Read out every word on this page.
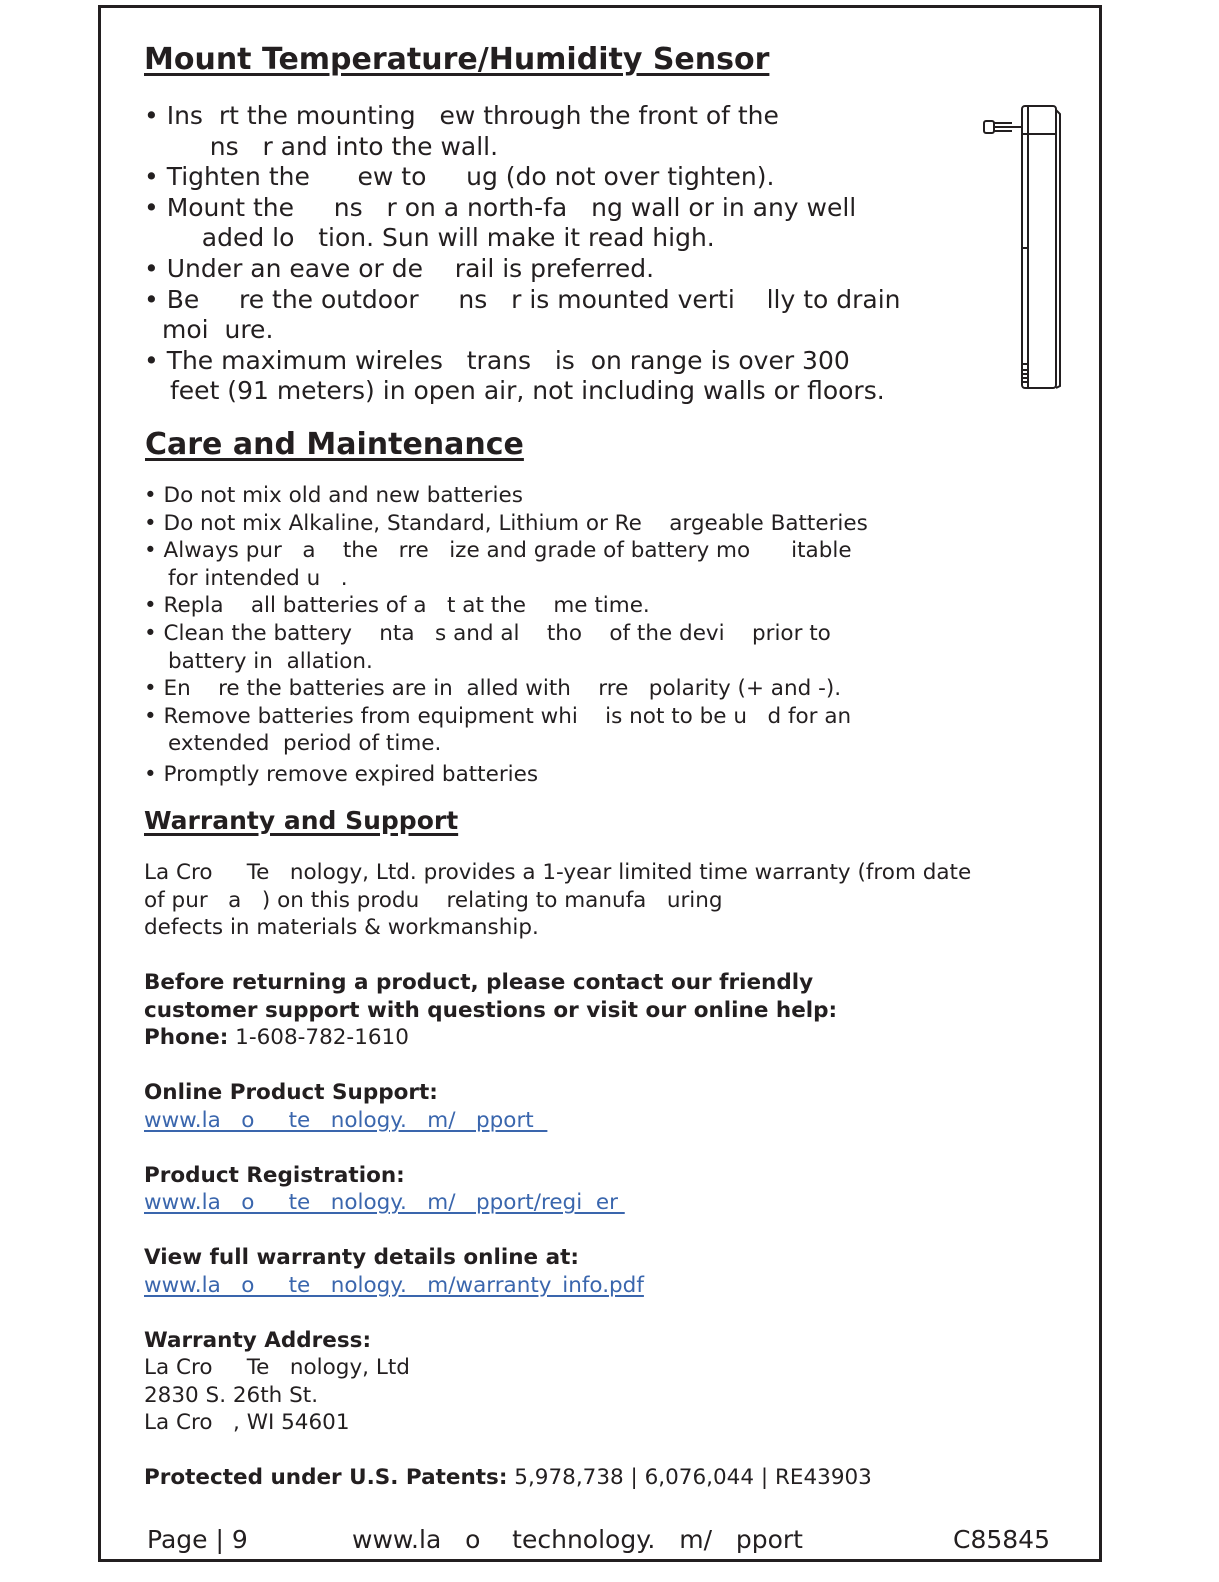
Mount Temperature/Humidity Sensor
• Ins  rt the mounting   ew through the front of the
ns   r and into the wall.
• Tighten the      ew to     ug (do not over tighten).
• Mount the     ns   r on a north-fa   ng wall or in any well
aded lo   tion. Sun will make it read high.
• Under an eave or de    rail is preferred.
• Be     re the outdoor     ns   r is mounted verti    lly to drain
moi  ure.
• The maximum wireles   trans   is  on range is over 300
feet (91 meters) in open air, not including walls or floors.
Care and Maintenance
• Do not mix old and new batteries
• Do not mix Alkaline, Standard, Lithium or Re    argeable Batteries
• Always pur   a    the   rre   ize and grade of battery mo      itable
for intended u   .
• Repla    all batteries of a   t at the    me time.
• Clean the battery    nta   s and al    tho    of the devi    prior to
battery in  allation.
• En    re the batteries are in  alled with    rre   polarity (+ and -).
• Remove batteries from equipment whi    is not to be u   d for an
extended  period of time.
• Promptly remove expired batteries
Warranty and Support
La Cro     Te   nology, Ltd. provides a 1-year limited time warranty (from date
of pur   a   ) on this produ    relating to manufa   uring
defects in materials & workmanship.
Before returning a product, please contact our friendly
customer support with questions or visit our online help:
Phone: 1-608-782-1610
Online Product Support:
www.la   o     te   nology.   m/   pport
Product Registration:
www.la   o     te   nology.   m/   pport/regi  er
View full warranty details online at:
www.la   o     te   nology.   m/warranty_info.pdf
Warranty Address:
La Cro     Te   nology, Ltd
2830 S. 26th St.
La Cro   , WI 54601
Protected under U.S. Patents: 5,978,738 | 6,076,044 | RE43903
Page | 9	www.la   o    technology.   m/   pport	C85845
